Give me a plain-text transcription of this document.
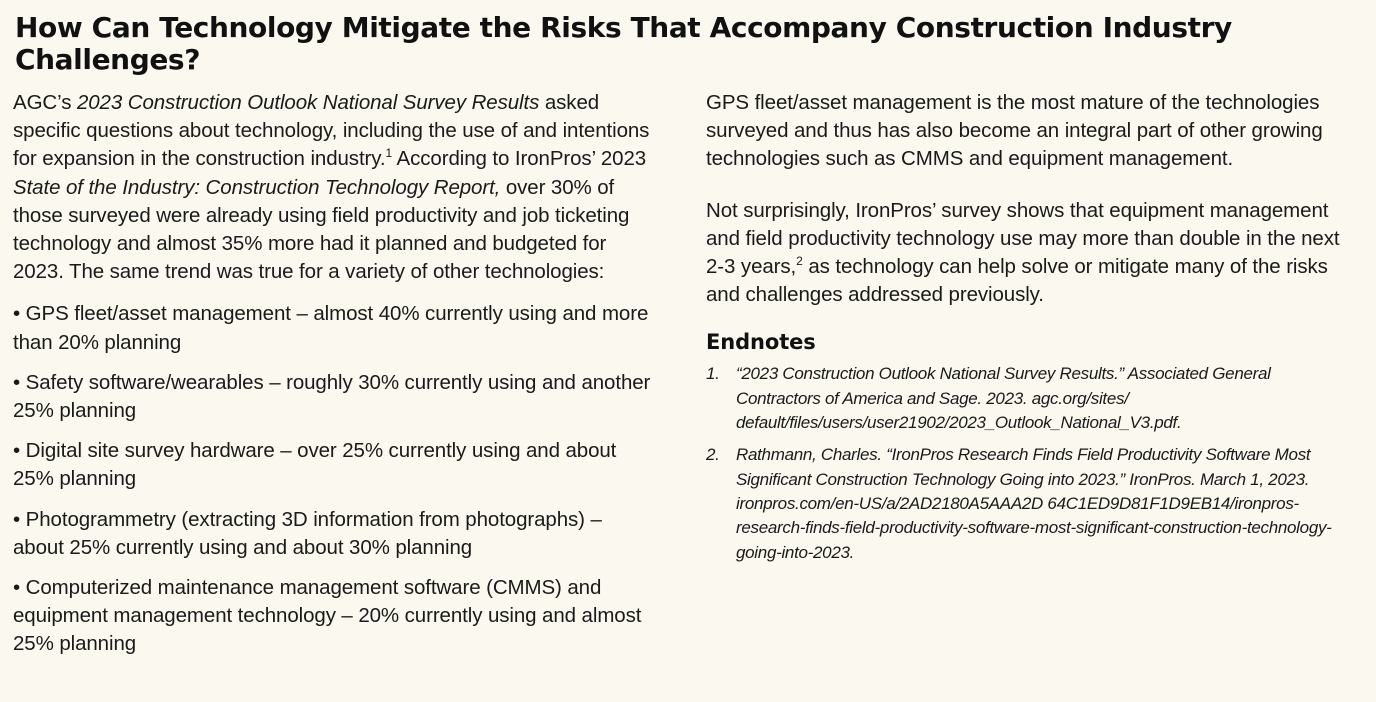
How Can Technology Mitigate the Risks That Accompany Construction Industry Challenges?

AGC’s 2023 Construction Outlook National Survey Results asked specific questions about technology, including the use of and intentions for expansion in the construction industry.$^1$ According to IronPros’ 2023 State of the Industry: Construction Technology Report, over 30% of those surveyed were already using field productivity and job ticketing technology and almost 35% more had it planned and budgeted for 2023. The same trend was true for a variety of other technologies:

• GPS fleet/asset management – almost 40% currently using and more than 20% planning

• Safety software/wearables – roughly 30% currently using and another 25% planning

• Digital site survey hardware – over 25% currently using and about 25% planning

• Photogrammetry (extracting 3D information from photographs) – about 25% currently using and about 30% planning

• Computerized maintenance management software (CMMS) and equipment management technology – 20% currently using and almost 25% planning

GPS fleet/asset management is the most mature of the technologies surveyed and thus has also become an integral part of other growing technologies such as CMMS and equipment management.

Not surprisingly, IronPros’ survey shows that equipment management and field productivity technology use may more than double in the next 2-3 years,$^2$ as technology can help solve or mitigate many of the risks and challenges addressed previously.

Endnotes
1. “2023 Construction Outlook National Survey Results.” Associated General Contractors of America and Sage. 2023. agc.org/sites/ default/files/users/user21902/2023_Outlook_National_V3.pdf.
2. Rathmann, Charles. “IronPros Research Finds Field Productivity Software Most Significant Construction Technology Going into 2023.” IronPros. March 1, 2023. ironpros.com/en-US/a/2AD2180A5AAA2D 64C1ED9D81F1D9EB14/ironpros-research-finds-field-productivity-software-most-significant-construction-technology-going-into-2023.
